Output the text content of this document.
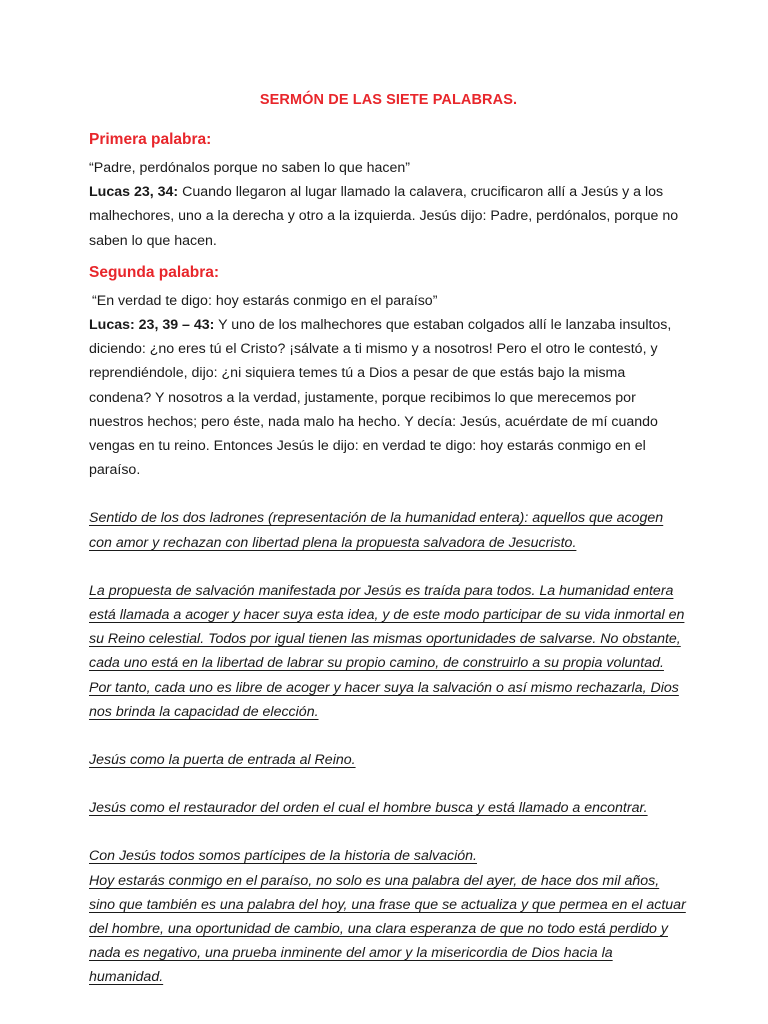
SERMÓN DE LAS SIETE PALABRAS.
Primera palabra:

“Padre, perdónalos porque no saben lo que hacen”

Lucas 23, 34: Cuando llegaron al lugar llamado la calavera, crucificaron allí a Jesús y a los malhechores, uno a la derecha y otro a la izquierda. Jesús dijo: Padre, perdónalos, porque no saben lo que hacen.

Segunda palabra:

“En verdad te digo: hoy estarás conmigo en el paraíso”

Lucas: 23, 39 – 43: Y uno de los malhechores que estaban colgados allí le lanzaba insultos, diciendo: ¿no eres tú el Cristo? ¡sálvate a ti mismo y a nosotros! Pero el otro le contestó, y reprendiéndole, dijo: ¿ni siquiera temes tú a Dios a pesar de que estás bajo la misma condena? Y nosotros a la verdad, justamente, porque recibimos lo que merecemos por nuestros hechos; pero éste, nada malo ha hecho. Y decía: Jesús, acuérdate de mí cuando vengas en tu reino. Entonces Jesús le dijo: en verdad te digo: hoy estarás conmigo en el paraíso.

Sentido de los dos ladrones (representación de la humanidad entera): aquellos que acogen con amor y rechazan con libertad plena la propuesta salvadora de Jesucristo.

La propuesta de salvación manifestada por Jesús es traída para todos. La humanidad entera está llamada a acoger y hacer suya esta idea, y de este modo participar de su vida inmortal en su Reino celestial. Todos por igual tienen las mismas oportunidades de salvarse. No obstante, cada uno está en la libertad de labrar su propio camino, de construirlo a su propia voluntad. Por tanto, cada uno es libre de acoger y hacer suya la salvación o así mismo rechazarla, Dios nos brinda la capacidad de elección.

Jesús como la puerta de entrada al Reino.

Jesús como el restaurador del orden el cual el hombre busca y está llamado a encontrar.

Con Jesús todos somos partícipes de la historia de salvación.

Hoy estarás conmigo en el paraíso, no solo es una palabra del ayer, de hace dos mil años, sino que también es una palabra del hoy, una frase que se actualiza y que permea en el actuar del hombre, una oportunidad de cambio, una clara esperanza de que no todo está perdido y nada es negativo, una prueba inminente del amor y la misericordia de Dios hacia la humanidad.
